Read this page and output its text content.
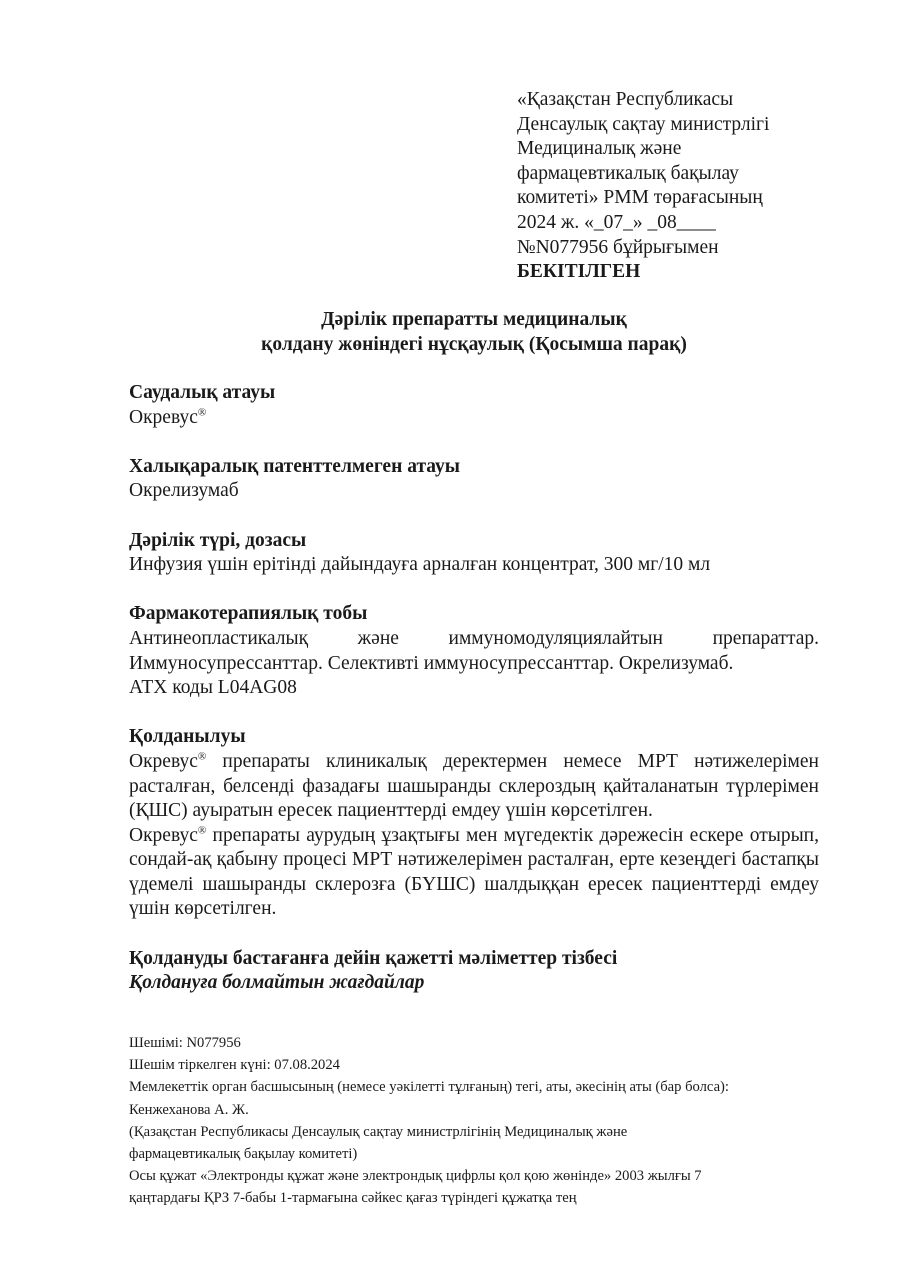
«Қазақстан Республикасы
Денсаулық сақтау министрлігі
Медициналық және
фармацевтикалық бақылау
комитеті» РММ төрағасының
2024 ж. «_07_» _08____
№N077956 бұйрығымен
БЕКІТІЛГЕН
Дәрілік препаратты медициналық
қолдану жөніндегі нұсқаулық (Қосымша парақ)
Саудалық атауы

Окревус®

Халықаралық патенттелмеген атауы

Окрелизумаб

Дәрілік түрі, дозасы

Инфузия үшін ерітінді дайындауға арналған концентрат, 300 мг/10 мл

Фармакотерапиялық тобы

Антинеопластикалық және иммуномодуляциялайтын препараттар.
Иммуносупрессанттар. Селективті иммуносупрессанттар. Окрелизумаб.
АТХ коды L04AG08

Қолданылуы

Окревус® препараты клиникалық деректермен немесе МРТ нәтижелерімен расталған, белсенді фазадағы шашыранды склероздың қайталанатын түрлерімен (ҚШС) ауыратын ересек пациенттерді емдеу үшін көрсетілген.

Окревус® препараты аурудың ұзақтығы мен мүгедектік дәрежесін ескере отырып, сондай-ақ қабыну процесі МРТ нәтижелерімен расталған, ерте кезеңдегі бастапқы үдемелі шашыранды склерозға (БҮШС) шалдыққан ересек пациенттерді емдеу үшін көрсетілген.

Қолдануды бастағанға дейін қажетті мәліметтер тізбесі

Қолдануға болмайтын жағдайлар

Шешімі: N077956
Шешім тіркелген күні: 07.08.2024
Мемлекеттік орган басшысының (немесе уәкілетті тұлғаның) тегі, аты, әкесінің аты (бар болса):
Кенжеханова А. Ж.
(Қазақстан Республикасы Денсаулық сақтау министрлігінің Медициналық және
фармацевтикалық бақылау комитеті)
Осы құжат «Электронды құжат және электрондық цифрлы қол қою жөнінде» 2003 жылғы 7
қаңтардағы ҚРЗ 7-бабы 1-тармағына сәйкес қағаз түріндегі құжатқа тең
